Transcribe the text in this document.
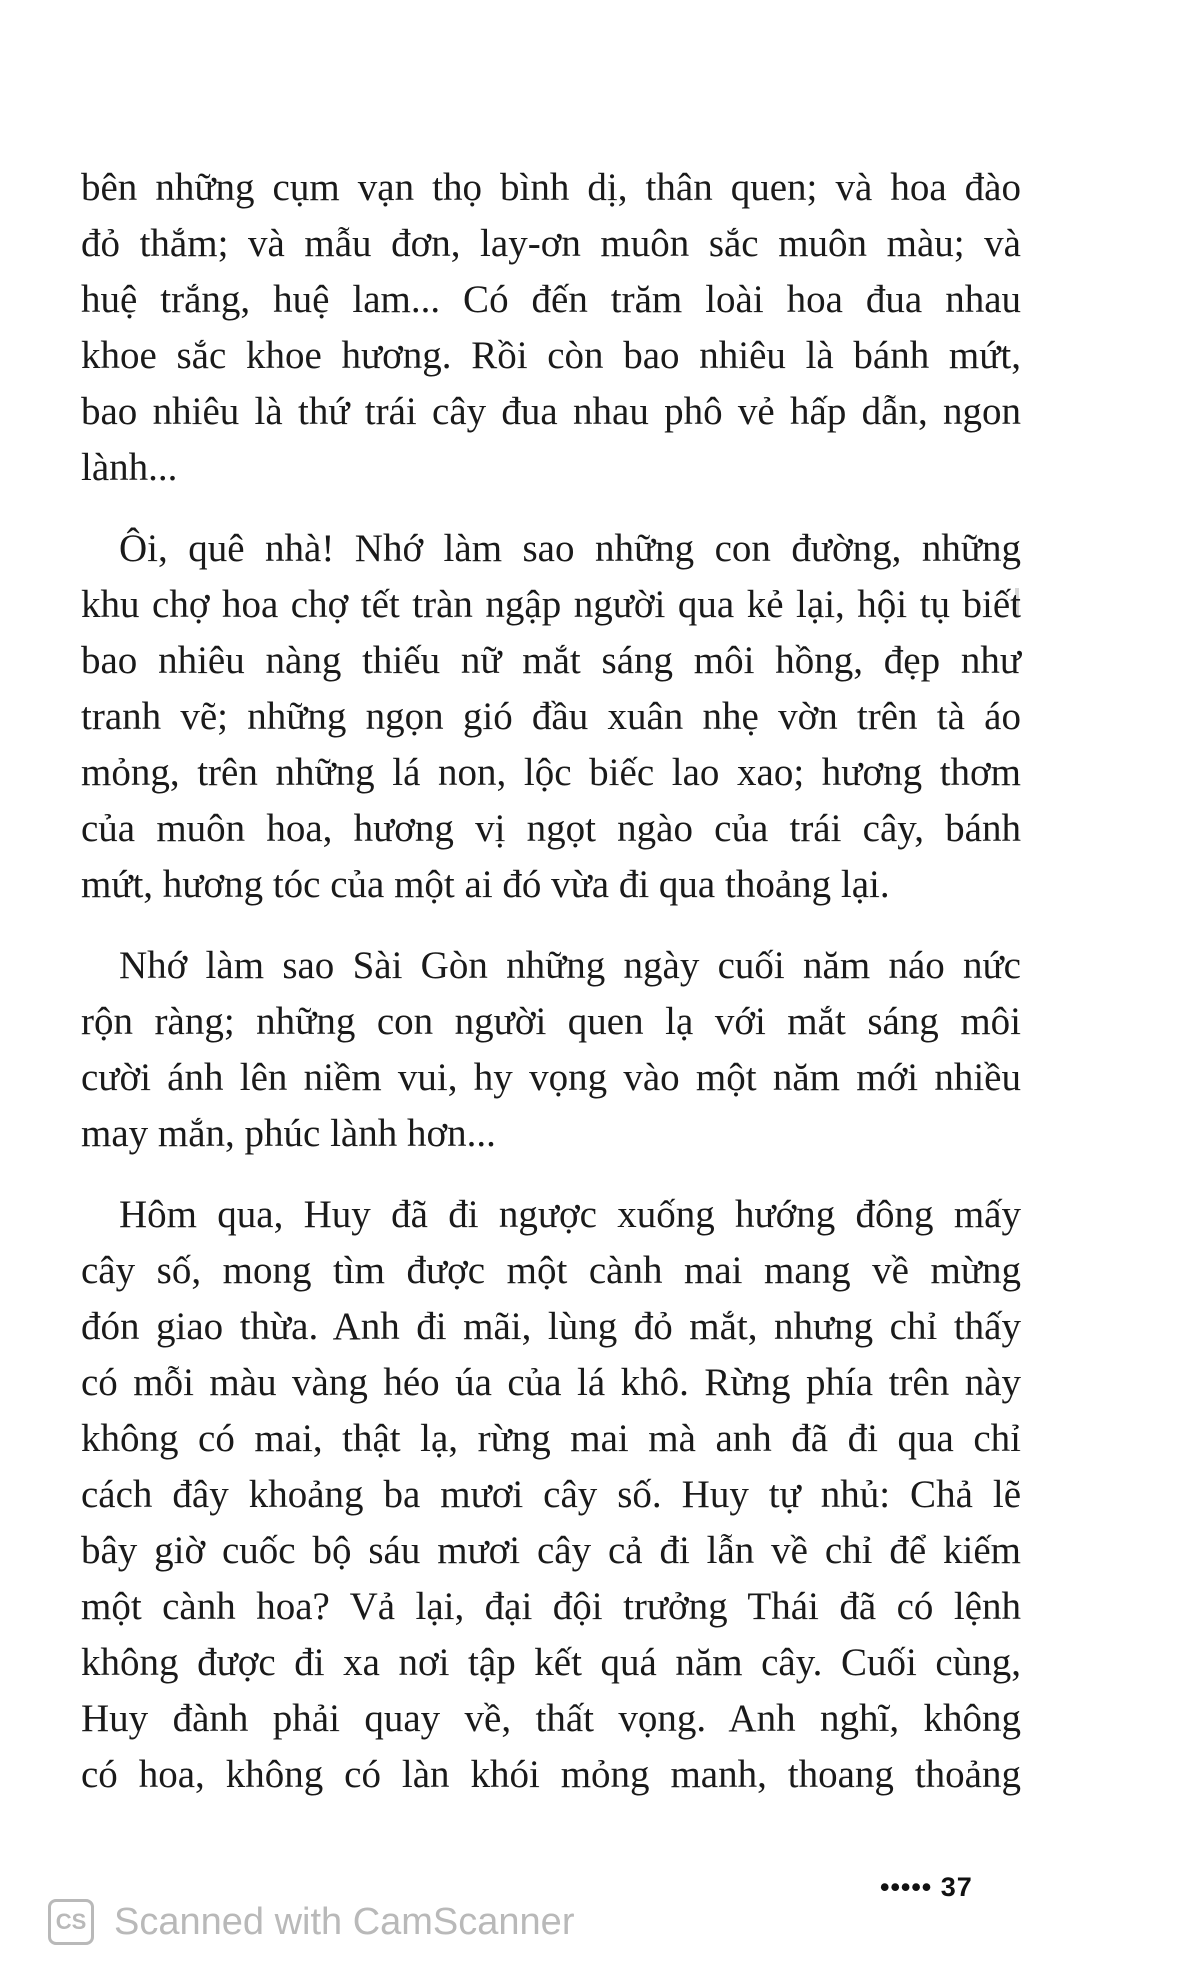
bên những cụm vạn thọ bình dị, thân quen; và hoa đào
đỏ thắm; và mẫu đơn, lay-ơn muôn sắc muôn màu; và
huệ trắng, huệ lam... Có đến trăm loài hoa đua nhau
khoe sắc khoe hương. Rồi còn bao nhiêu là bánh mứt,
bao nhiêu là thứ trái cây đua nhau phô vẻ hấp dẫn, ngon
lành...
Ôi, quê nhà! Nhớ làm sao những con đường, những
khu chợ hoa chợ tết tràn ngập người qua kẻ lại, hội tụ biết
bao nhiêu nàng thiếu nữ mắt sáng môi hồng, đẹp như
tranh vẽ; những ngọn gió đầu xuân nhẹ vờn trên tà áo
mỏng, trên những lá non, lộc biếc lao xao; hương thơm
của muôn hoa, hương vị ngọt ngào của trái cây, bánh
mứt, hương tóc của một ai đó vừa đi qua thoảng lại.
Nhớ làm sao Sài Gòn những ngày cuối năm náo nức
rộn ràng; những con người quen lạ với mắt sáng môi
cười ánh lên niềm vui, hy vọng vào một năm mới nhiều
may mắn, phúc lành hơn...
Hôm qua, Huy đã đi ngược xuống hướng đông mấy
cây số, mong tìm được một cành mai mang về mừng
đón giao thừa. Anh đi mãi, lùng đỏ mắt, nhưng chỉ thấy
có mỗi màu vàng héo úa của lá khô. Rừng phía trên này
không có mai, thật lạ, rừng mai mà anh đã đi qua chỉ
cách đây khoảng ba mươi cây số. Huy tự nhủ: Chả lẽ
bây giờ cuốc bộ sáu mươi cây cả đi lẫn về chỉ để kiếm
một cành hoa? Vả lại, đại đội trưởng Thái đã có lệnh
không được đi xa nơi tập kết quá năm cây. Cuối cùng,
Huy đành phải quay về, thất vọng. Anh nghĩ, không
có hoa, không có làn khói mỏng manh, thoang thoảng
••••• 37
CS Scanned with CamScanner
